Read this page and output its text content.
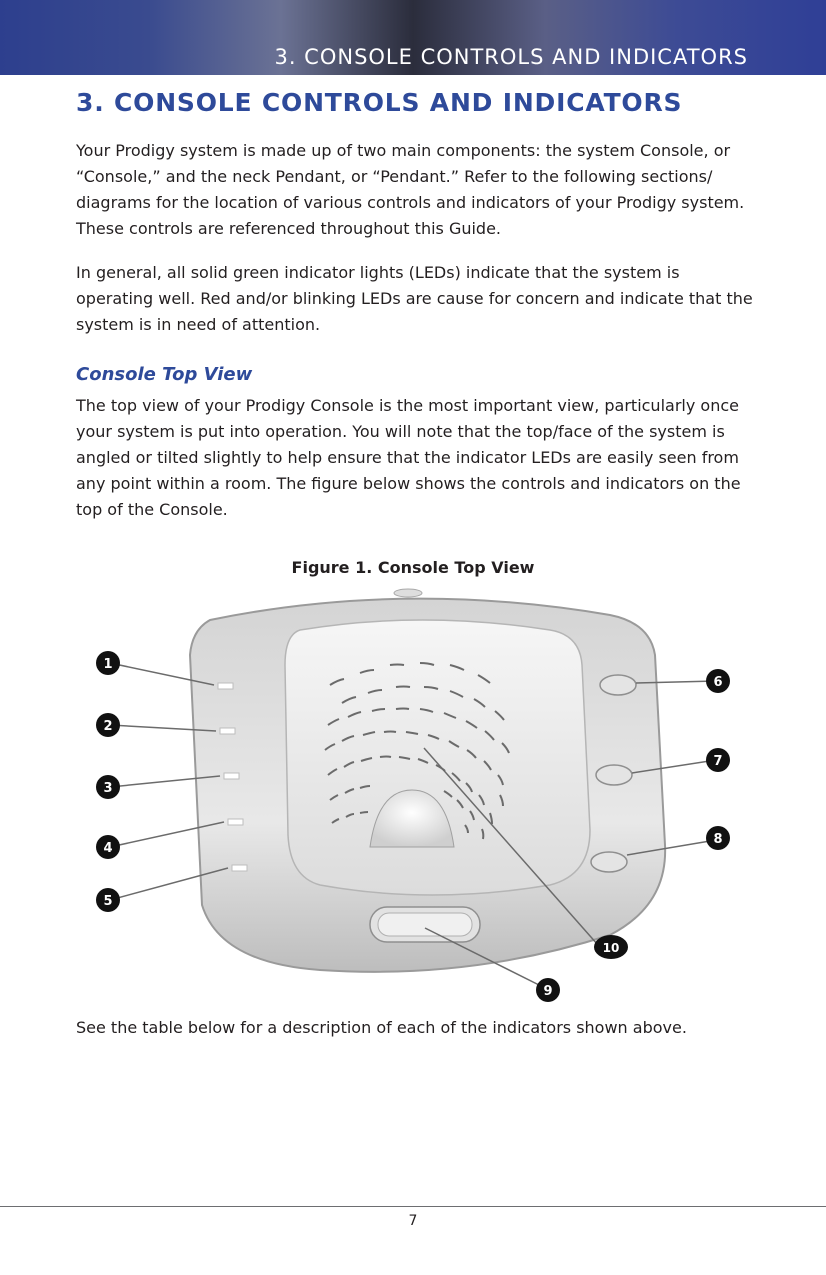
3. CONSOLE CONTROLS AND INDICATORS
3. CONSOLE CONTROLS AND INDICATORS

Your Prodigy system is made up of two main components: the system Console, or “Console,” and the neck Pendant, or “Pendant.” Refer to the following sections/ diagrams for the location of various controls and indicators of your Prodigy system. These controls are referenced throughout this Guide.

In general, all solid green indicator lights (LEDs) indicate that the system is operating well. Red and/or blinking LEDs are cause for concern and indicate that the system is in need of attention.

Console Top View

The top view of your Prodigy Console is the most important view, particularly once your system is put into operation. You will note that the top/face of the system is angled or tilted slightly to help ensure that the indicator LEDs are easily seen from any point within a room. The figure below shows the controls and indicators on the top of the Console.

Figure 1. Console Top View
1
2
3
4
5
6
7
8
9
10

See the table below for a description of each of the indicators shown above.

7
